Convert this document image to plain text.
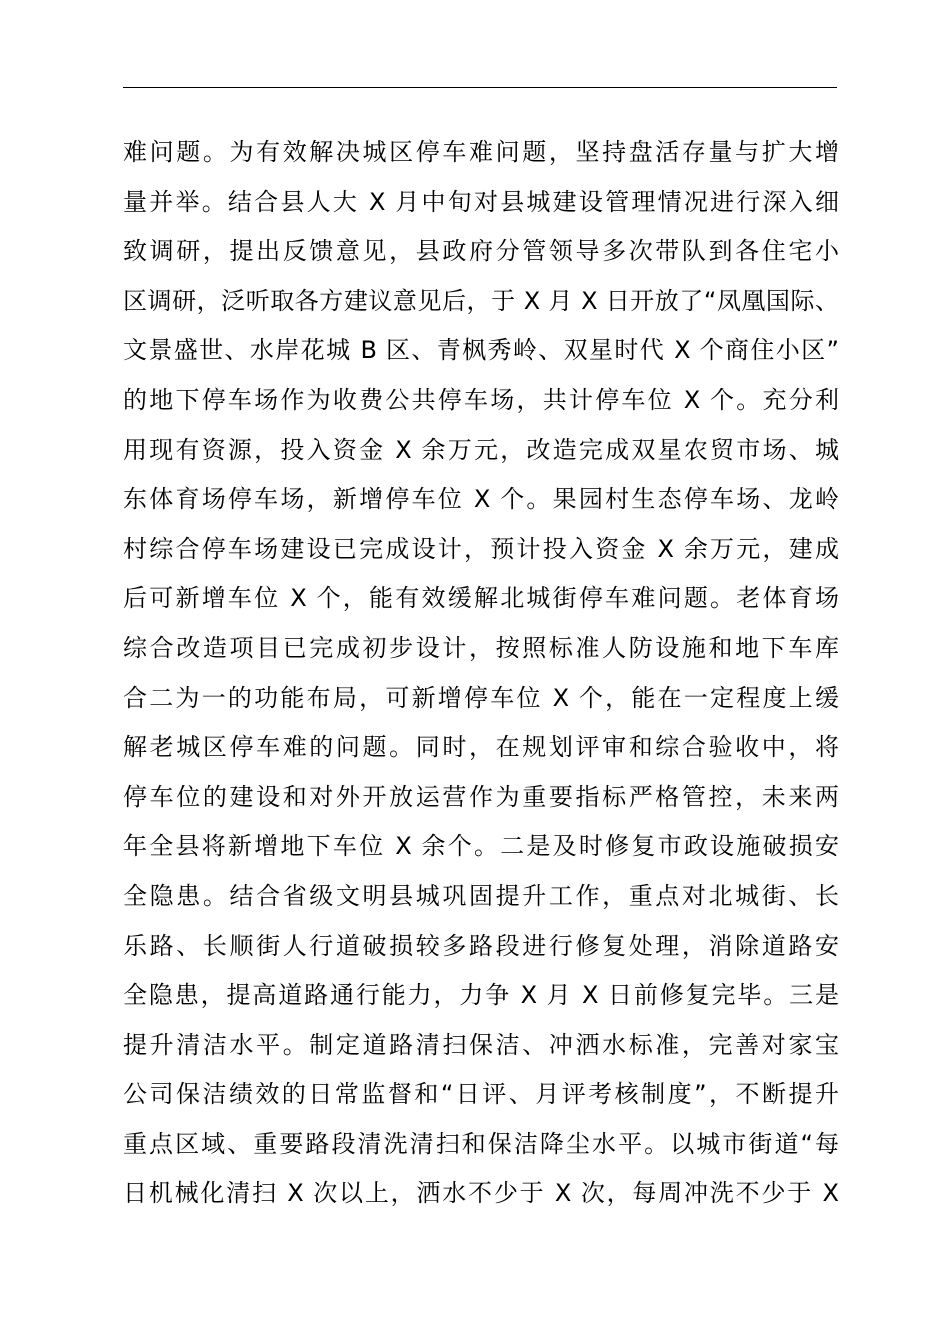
难问题。为有效解决城区停车难问题，坚持盘活存量与扩大增
量并举。结合县人大 X 月中旬对县城建设管理情况进行深入细
致调研，提出反馈意见，县政府分管领导多次带队到各住宅小
区调研，泛听取各方建议意见后，于 X 月 X 日开放了“凤凰国际、
文景盛世、水岸花城 B 区、青枫秀岭、双星时代 X 个商住小区”
的地下停车场作为收费公共停车场，共计停车位 X 个。充分利
用现有资源，投入资金 X 余万元，改造完成双星农贸市场、城
东体育场停车场，新增停车位 X 个。果园村生态停车场、龙岭
村综合停车场建设已完成设计，预计投入资金 X 余万元，建成
后可新增车位 X 个，能有效缓解北城街停车难问题。老体育场
综合改造项目已完成初步设计，按照标准人防设施和地下车库
合二为一的功能布局，可新增停车位 X 个，能在一定程度上缓
解老城区停车难的问题。同时，在规划评审和综合验收中，将
停车位的建设和对外开放运营作为重要指标严格管控，未来两
年全县将新增地下车位 X 余个。二是及时修复市政设施破损安
全隐患。结合省级文明县城巩固提升工作，重点对北城街、长
乐路、长顺街人行道破损较多路段进行修复处理，消除道路安
全隐患，提高道路通行能力，力争 X 月 X 日前修复完毕。三是
提升清洁水平。制定道路清扫保洁、冲洒水标准，完善对家宝
公司保洁绩效的日常监督和“日评、月评考核制度”，不断提升
重点区域、重要路段清洗清扫和保洁降尘水平。以城市街道“每
日机械化清扫 X 次以上，洒水不少于 X 次，每周冲洗不少于 X
